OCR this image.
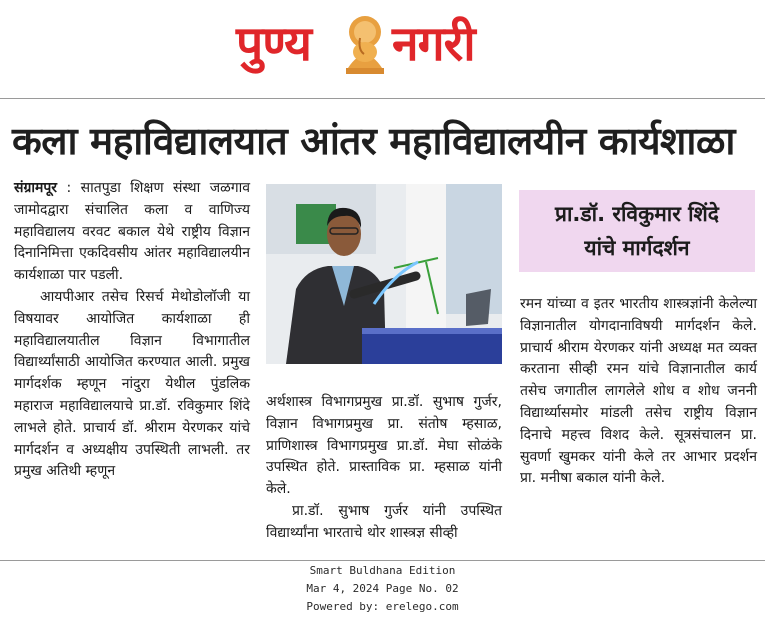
पुण्य नगरी
कला महाविद्यालयात आंतर महाविद्यालयीन कार्यशाळा

संग्रामपूर : सातपुडा शिक्षण संस्था जळगाव जामोदद्वारा संचालित कला व वाणिज्य महाविद्यालय वरवट बकाल येथे राष्ट्रीय विज्ञान दिनानिमित्ता एकदिवसीय आंतर महाविद्यालयीन कार्यशाळा पार पडली.

आयपीआर तसेच रिसर्च मेथोडोलॉजी या विषयावर आयोजित कार्यशाळा ही महाविद्यालयातील विज्ञान विभागातील विद्यार्थ्यांसाठी आयोजित करण्यात आली. प्रमुख मार्गदर्शक म्हणून नांदुरा येथील पुंडलिक महाराज महाविद्यालयाचे प्रा.डॉ. रविकुमार शिंदे लाभले होते. प्राचार्य डॉ. श्रीराम येरणकर यांचे मार्गदर्शन व अध्यक्षीय उपस्थिती लाभली. तर प्रमुख अतिथी म्हणून

अर्थशास्त्र विभागप्रमुख प्रा.डॉ. सुभाष गुर्जर, विज्ञान विभागप्रमुख प्रा. संतोष म्हसाळ, प्राणिशास्त्र विभागप्रमुख प्रा.डॉ. मेघा सोळंके उपस्थित होते. प्रास्ताविक प्रा. म्हसाळ यांनी केले.

प्रा.डॉ. सुभाष गुर्जर यांनी उपस्थित विद्यार्थ्यांना भारताचे थोर शास्त्रज्ञ सीव्ही

प्रा.डॉ. रविकुमार शिंदे
यांचे मार्गदर्शन

रमन यांच्या व इतर भारतीय शास्त्रज्ञांनी केलेल्या विज्ञानातील योगदानाविषयी मार्गदर्शन केले. प्राचार्य श्रीराम येरणकर यांनी अध्यक्ष मत व्यक्त करताना सीव्ही रमन यांचे विज्ञानातील कार्य तसेच जगातील लागलेले शोध व शोध जननी विद्यार्थ्यासमोर मांडली तसेच राष्ट्रीय विज्ञान दिनाचे महत्त्व विशद केले. सूत्रसंचालन प्रा. सुवर्णा खुमकर यांनी केले तर आभार प्रदर्शन प्रा. मनीषा बकाल यांनी केले.

Smart Buldhana Edition
Mar 4, 2024 Page No. 02
Powered by: erelego.com
